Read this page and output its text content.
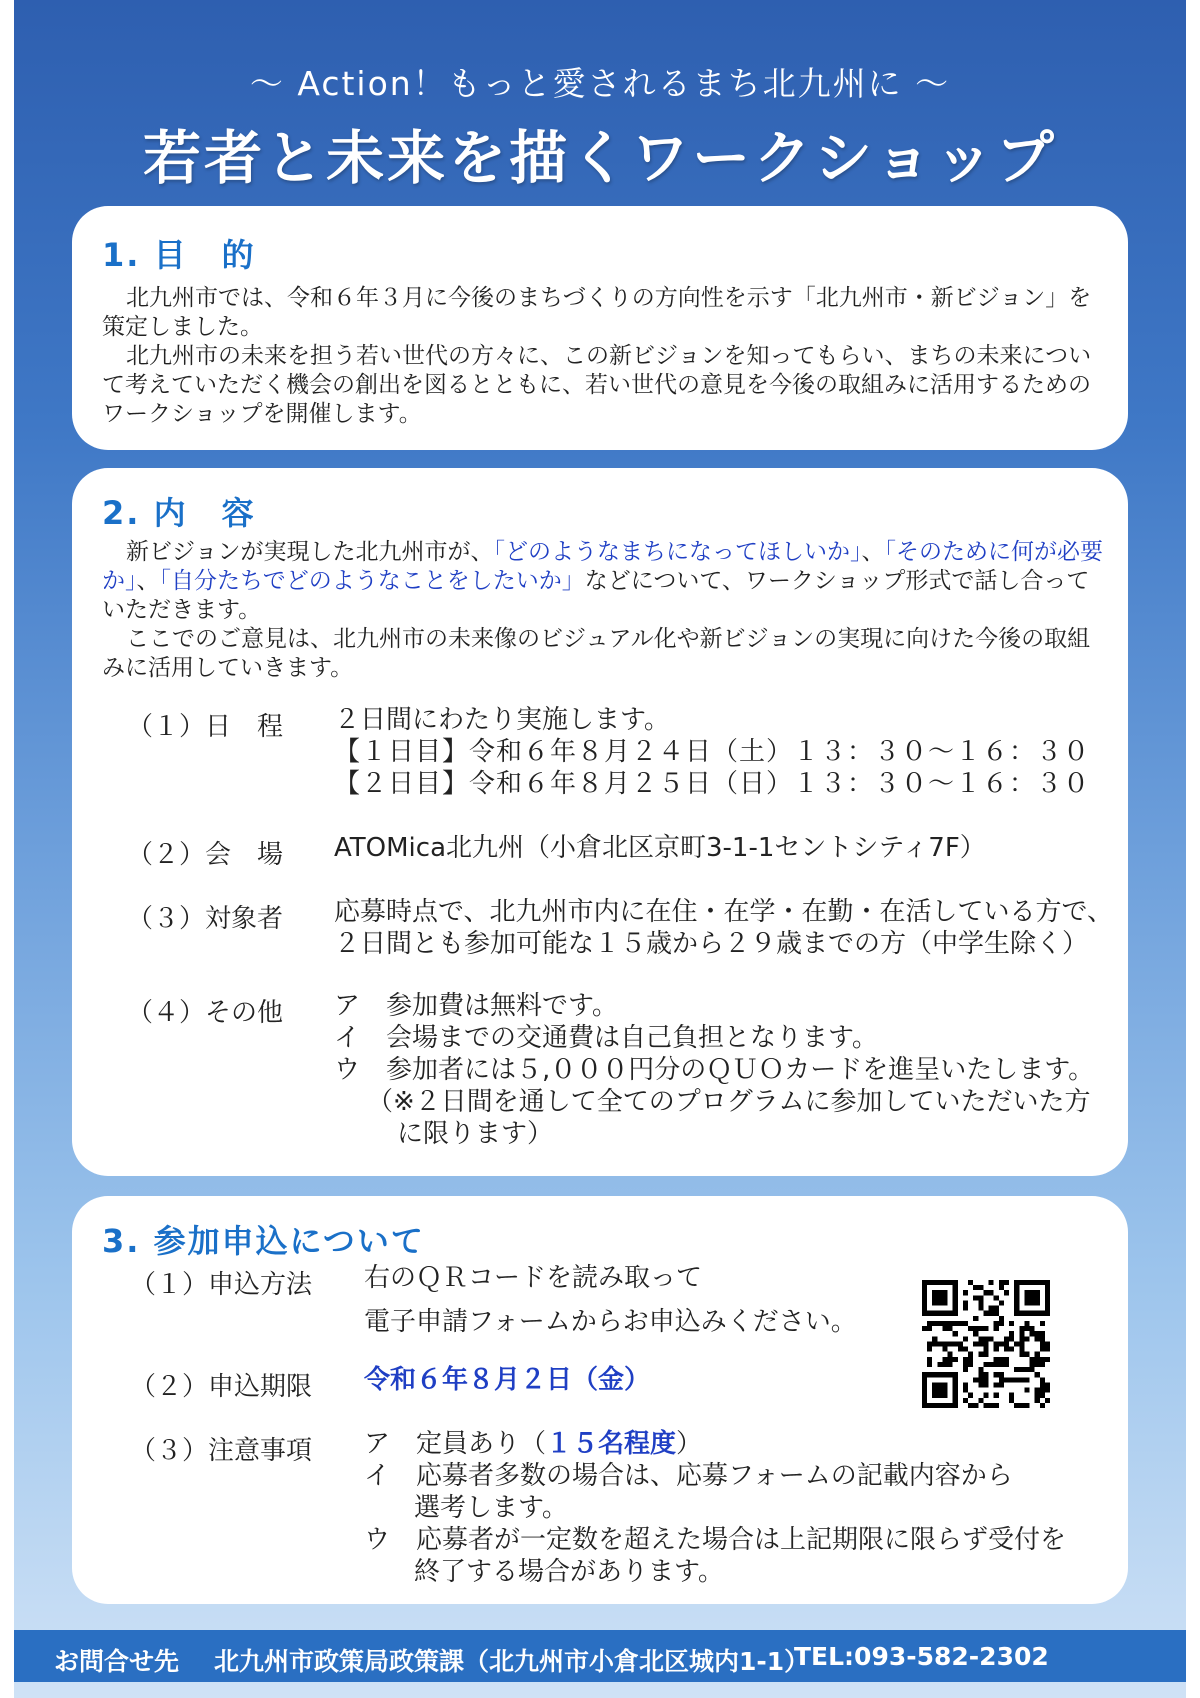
～ Action！もっと愛されるまち北九州に ～
若者と未来を描くワークショップ
1. 目　的

北九州市では、令和６年３月に今後のまちづくりの方向性を示す「北九州市・新ビジョン」を策定しました。

北九州市の未来を担う若い世代の方々に、この新ビジョンを知ってもらい、まちの未来について考えていただく機会の創出を図るとともに、若い世代の意見を今後の取組みに活用するためのワークショップを開催します。

2. 内　容

新ビジョンが実現した北九州市が、「どのようなまちになってほしいか」、「そのために何が必要か」、「自分たちでどのようなことをしたいか」などについて、ワークショップ形式で話し合っていただきます。

ここでのご意見は、北九州市の未来像のビジュアル化や新ビジョンの実現に向けた今後の取組みに活用していきます。

（１）日　程 ２日間にわたり実施します。
【１日目】令和６年８月２４日（土）１３：３０～１６：３０
【２日目】令和６年８月２５日（日）１３：３０～１６：３０
（２）会　場 ATOMica北九州（小倉北区京町3-1-1セントシティ7F）
（３）対象者 応募時点で、北九州市内に在住・在学・在勤・在活している方で、
２日間とも参加可能な１５歳から２９歳までの方（中学生除く）
（４）その他 ア　参加費は無料です。
イ　会場までの交通費は自己負担となります。
ウ　参加者には５,０００円分のＱＵＯカードを進呈いたします。
（※２日間を通して全てのプログラムに参加していただいた方
に限ります）
3. 参加申込について
（１）申込方法 右のＱＲコードを読み取って
電子申請フォームからお申込みください。
（２）申込期限 令和６年８月２日（金）
（３）注意事項 ア　定員あり（１５名程度）
イ　応募者多数の場合は、応募フォームの記載内容から
選考します。
ウ　応募者が一定数を超えた場合は上記期限に限らず受付を
終了する場合があります。
お問合せ先 北九州市政策局政策課（北九州市小倉北区城内1-1）
TEL:093-582-2302
